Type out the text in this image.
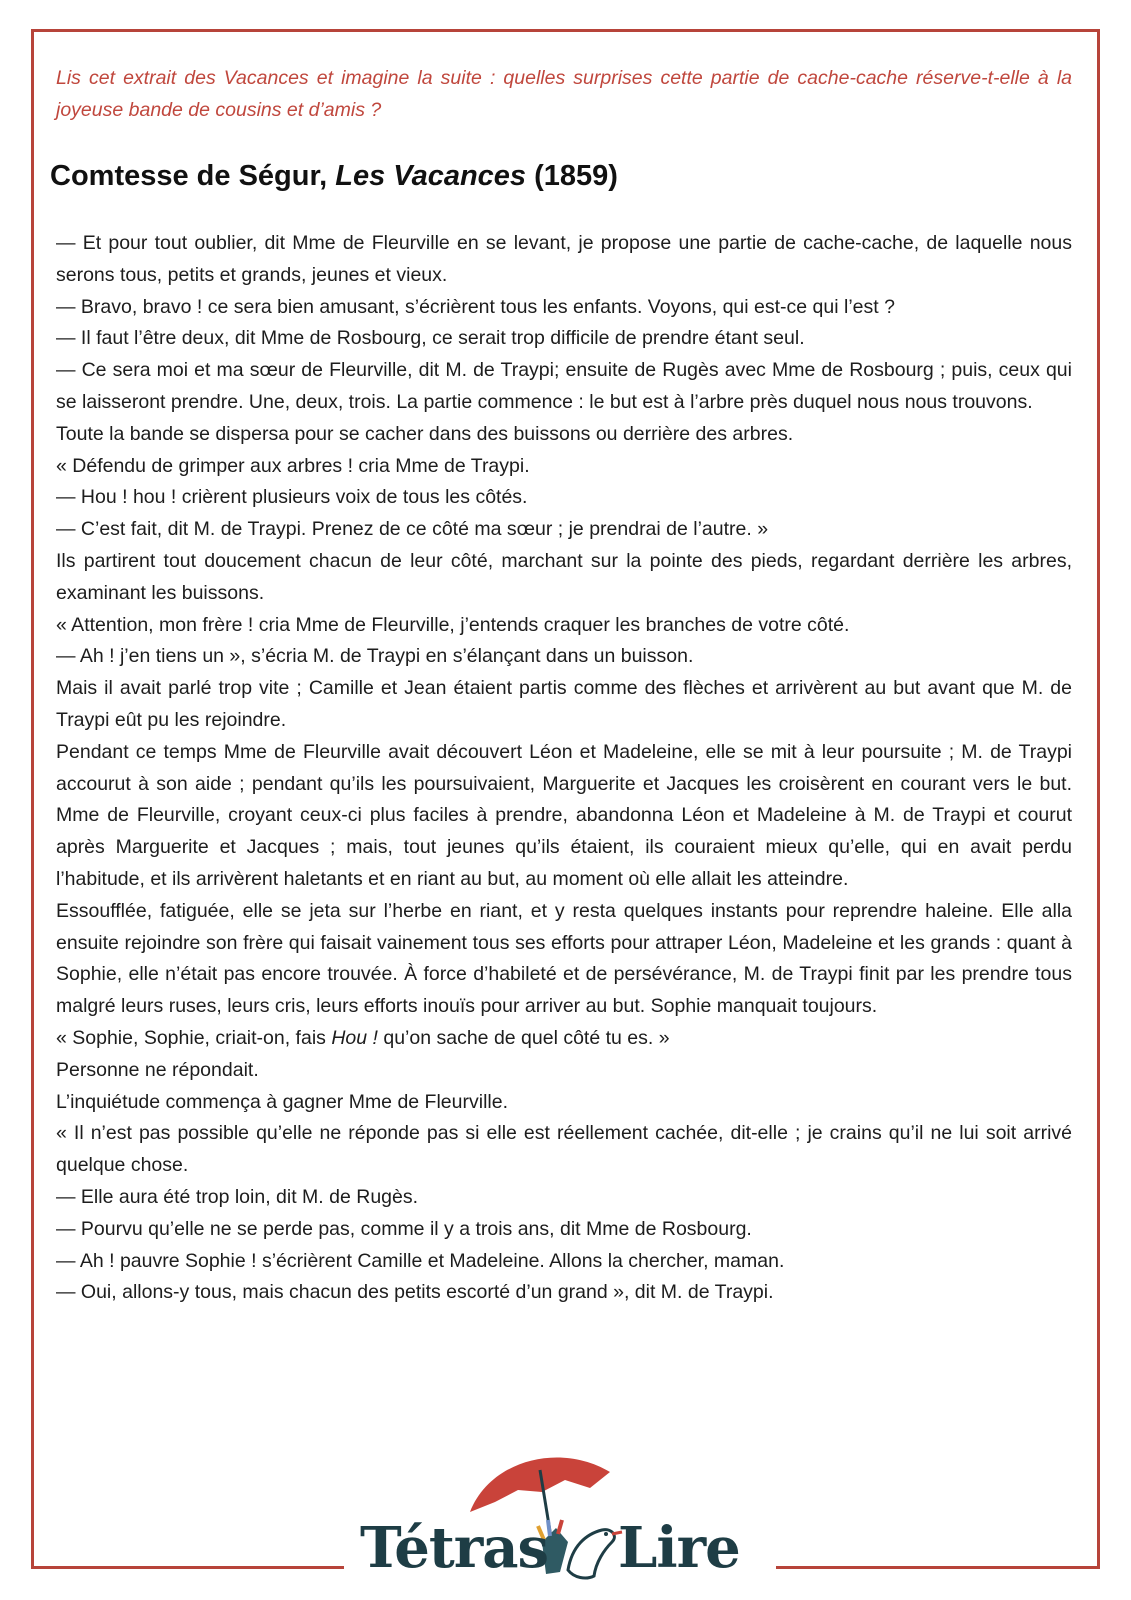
Lis cet extrait des Vacances et imagine la suite : quelles surprises cette partie de cache-cache réserve-t-elle à la joyeuse bande de cousins et d’amis ?

Comtesse de Ségur, Les Vacances (1859)

— Et pour tout oublier, dit Mme de Fleurville en se levant, je propose une partie de cache-cache, de laquelle nous serons tous, petits et grands, jeunes et vieux.

— Bravo, bravo ! ce sera bien amusant, s’écrièrent tous les enfants. Voyons, qui est-ce qui l’est ?

— Il faut l’être deux, dit Mme de Rosbourg, ce serait trop difficile de prendre étant seul.

— Ce sera moi et ma sœur de Fleurville, dit M. de Traypi; ensuite de Rugès avec Mme de Rosbourg ; puis, ceux qui se laisseront prendre. Une, deux, trois. La partie commence : le but est à l’arbre près duquel nous nous trouvons.

Toute la bande se dispersa pour se cacher dans des buissons ou derrière des arbres.

« Défendu de grimper aux arbres ! cria Mme de Traypi.

— Hou ! hou ! crièrent plusieurs voix de tous les côtés.

— C’est fait, dit M. de Traypi. Prenez de ce côté ma sœur ; je prendrai de l’autre. »

Ils partirent tout doucement chacun de leur côté, marchant sur la pointe des pieds, regardant derrière les arbres, examinant les buissons.

« Attention, mon frère ! cria Mme de Fleurville, j’entends craquer les branches de votre côté.

— Ah ! j’en tiens un », s’écria M. de Traypi en s’élançant dans un buisson.

Mais il avait parlé trop vite ; Camille et Jean étaient partis comme des flèches et arrivèrent au but avant que M. de Traypi eût pu les rejoindre.

Pendant ce temps Mme de Fleurville avait découvert Léon et Madeleine, elle se mit à leur poursuite ; M. de Traypi accourut à son aide ; pendant qu’ils les poursuivaient, Marguerite et Jacques les croisèrent en courant vers le but. Mme de Fleurville, croyant ceux-ci plus faciles à prendre, abandonna Léon et Madeleine à M. de Traypi et courut après Marguerite et Jacques ; mais, tout jeunes qu’ils étaient, ils couraient mieux qu’elle, qui en avait perdu l’habitude, et ils arrivèrent haletants et en riant au but, au moment où elle allait les atteindre.

Essoufflée, fatiguée, elle se jeta sur l’herbe en riant, et y resta quelques instants pour reprendre haleine. Elle alla ensuite rejoindre son frère qui faisait vainement tous ses efforts pour attraper Léon, Madeleine et les grands : quant à Sophie, elle n’était pas encore trouvée. À force d’habileté et de persévérance, M. de Traypi finit par les prendre tous malgré leurs ruses, leurs cris, leurs efforts inouïs pour arriver au but. Sophie manquait toujours.

« Sophie, Sophie, criait-on, fais Hou ! qu’on sache de quel côté tu es. »

Personne ne répondait.

L’inquiétude commença à gagner Mme de Fleurville.

« Il n’est pas possible qu’elle ne réponde pas si elle est réellement cachée, dit-elle ; je crains qu’il ne lui soit arrivé quelque chose.

— Elle aura été trop loin, dit M. de Rugès.

— Pourvu qu’elle ne se perde pas, comme il y a trois ans, dit Mme de Rosbourg.

— Ah ! pauvre Sophie ! s’écrièrent Camille et Madeleine. Allons la chercher, maman.

— Oui, allons-y tous, mais chacun des petits escorté d’un grand », dit M. de Traypi.

Tétras Lire
